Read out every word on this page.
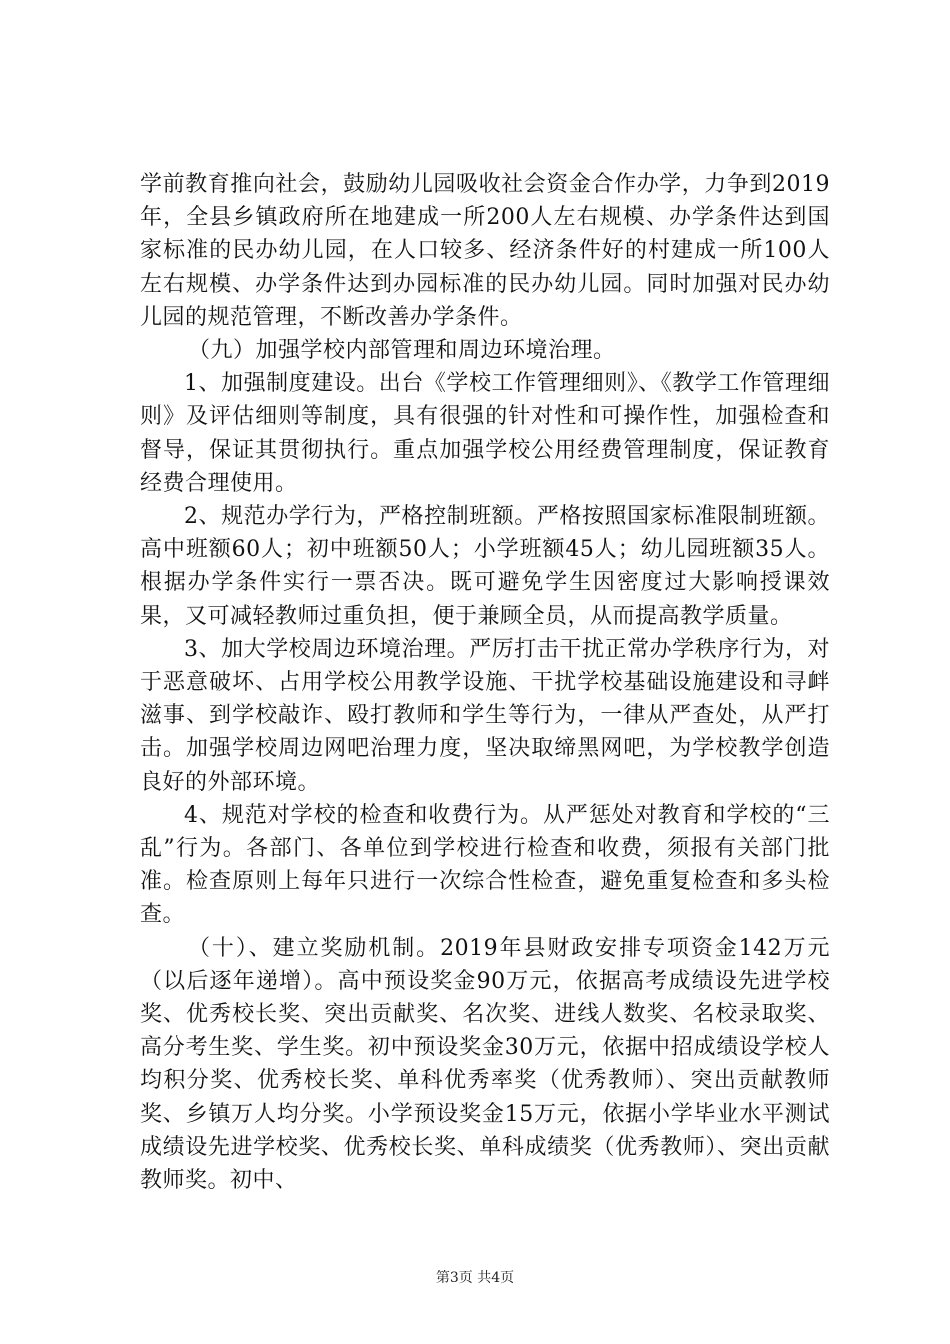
学前教育推向社会，鼓励幼儿园吸收社会资金合作办学，力争到2019年，全县乡镇政府所在地建成一所200人左右规模、办学条件达到国家标准的民办幼儿园，在人口较多、经济条件好的村建成一所100人左右规模、办学条件达到办园标准的民办幼儿园。同时加强对民办幼儿园的规范管理，不断改善办学条件。

（九）加强学校内部管理和周边环境治理。

1、加强制度建设。出台《学校工作管理细则》、《教学工作管理细则》及评估细则等制度，具有很强的针对性和可操作性，加强检查和督导，保证其贯彻执行。重点加强学校公用经费管理制度，保证教育经费合理使用。

2、规范办学行为，严格控制班额。严格按照国家标准限制班额。高中班额60人；初中班额50人；小学班额45人；幼儿园班额35人。根据办学条件实行一票否决。既可避免学生因密度过大影响授课效果，又可减轻教师过重负担，便于兼顾全员，从而提高教学质量。

3、加大学校周边环境治理。严厉打击干扰正常办学秩序行为，对于恶意破坏、占用学校公用教学设施、干扰学校基础设施建设和寻衅滋事、到学校敲诈、殴打教师和学生等行为，一律从严查处，从严打击。加强学校周边网吧治理力度，坚决取缔黑网吧，为学校教学创造良好的外部环境。

4、规范对学校的检查和收费行为。从严惩处对教育和学校的“三乱”行为。各部门、各单位到学校进行检查和收费，须报有关部门批准。检查原则上每年只进行一次综合性检查，避免重复检查和多头检查。

（十）、建立奖励机制。2019年县财政安排专项资金142万元（以后逐年递增）。高中预设奖金90万元，依据高考成绩设先进学校奖、优秀校长奖、突出贡献奖、名次奖、进线人数奖、名校录取奖、高分考生奖、学生奖。初中预设奖金30万元，依据中招成绩设学校人均积分奖、优秀校长奖、单科优秀率奖（优秀教师）、突出贡献教师奖、乡镇万人均分奖。小学预设奖金15万元，依据小学毕业水平测试成绩设先进学校奖、优秀校长奖、单科成绩奖（优秀教师）、突出贡献教师奖。初中、

第3页 共4页
